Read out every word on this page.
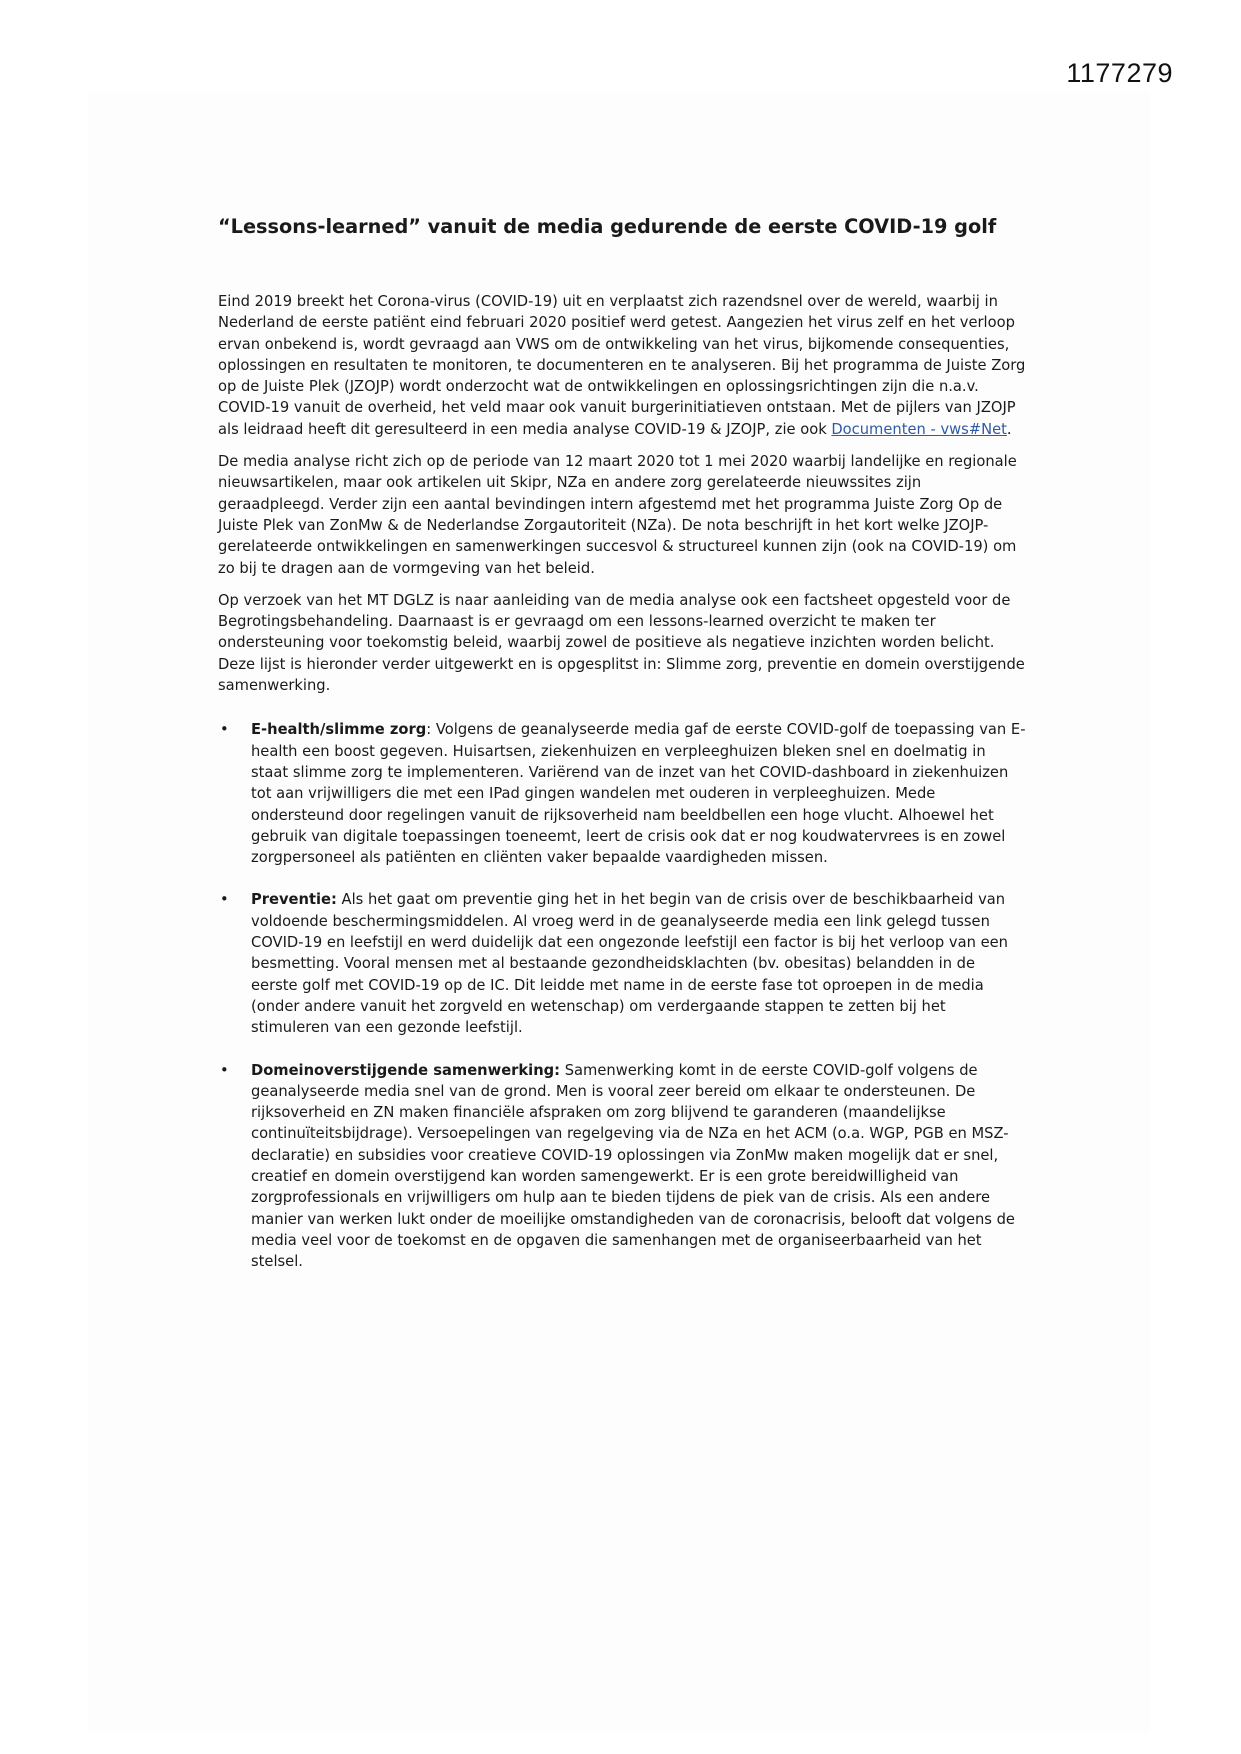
1177279
“Lessons-learned” vanuit de media gedurende de eerste COVID-19 golf

Eind 2019 breekt het Corona-virus (COVID-19) uit en verplaatst zich razendsnel over de wereld, waarbij in Nederland de eerste patiënt eind februari 2020 positief werd getest. Aangezien het virus zelf en het verloop ervan onbekend is, wordt gevraagd aan VWS om de ontwikkeling van het virus, bijkomende consequenties, oplossingen en resultaten te monitoren, te documenteren en te analyseren. Bij het programma de Juiste Zorg op de Juiste Plek (JZOJP) wordt onderzocht wat de ontwikkelingen en oplossingsrichtingen zijn die n.a.v. COVID-19 vanuit de overheid, het veld maar ook vanuit burgerinitiatieven ontstaan. Met de pijlers van JZOJP als leidraad heeft dit geresulteerd in een media analyse COVID-19 & JZOJP, zie ook Documenten - vws#Net.

De media analyse richt zich op de periode van 12 maart 2020 tot 1 mei 2020 waarbij landelijke en regionale nieuwsartikelen, maar ook artikelen uit Skipr, NZa en andere zorg gerelateerde nieuwssites zijn geraadpleegd. Verder zijn een aantal bevindingen intern afgestemd met het programma Juiste Zorg Op de Juiste Plek van ZonMw & de Nederlandse Zorgautoriteit (NZa). De nota beschrijft in het kort welke JZOJP-gerelateerde ontwikkelingen en samenwerkingen succesvol & structureel kunnen zijn (ook na COVID-19) om zo bij te dragen aan de vormgeving van het beleid.

Op verzoek van het MT DGLZ is naar aanleiding van de media analyse ook een factsheet opgesteld voor de Begrotingsbehandeling. Daarnaast is er gevraagd om een lessons-learned overzicht te maken ter ondersteuning voor toekomstig beleid, waarbij zowel de positieve als negatieve inzichten worden belicht. Deze lijst is hieronder verder uitgewerkt en is opgesplitst in: Slimme zorg, preventie en domein overstijgende samenwerking.

• E-health/slimme zorg: Volgens de geanalyseerde media gaf de eerste COVID-golf de toepassing van E-health een boost gegeven. Huisartsen, ziekenhuizen en verpleeghuizen bleken snel en doelmatig in staat slimme zorg te implementeren. Variërend van de inzet van het COVID-dashboard in ziekenhuizen tot aan vrijwilligers die met een IPad gingen wandelen met ouderen in verpleeghuizen. Mede ondersteund door regelingen vanuit de rijksoverheid nam beeldbellen een hoge vlucht. Alhoewel het gebruik van digitale toepassingen toeneemt, leert de crisis ook dat er nog koudwatervrees is en zowel zorgpersoneel als patiënten en cliënten vaker bepaalde vaardigheden missen.
• Preventie: Als het gaat om preventie ging het in het begin van de crisis over de beschikbaarheid van voldoende beschermingsmiddelen. Al vroeg werd in de geanalyseerde media een link gelegd tussen COVID-19 en leefstijl en werd duidelijk dat een ongezonde leefstijl een factor is bij het verloop van een besmetting. Vooral mensen met al bestaande gezondheidsklachten (bv. obesitas) belandden in de eerste golf met COVID-19 op de IC. Dit leidde met name in de eerste fase tot oproepen in de media (onder andere vanuit het zorgveld en wetenschap) om verdergaande stappen te zetten bij het stimuleren van een gezonde leefstijl.
• Domeinoverstijgende samenwerking: Samenwerking komt in de eerste COVID-golf volgens de geanalyseerde media snel van de grond. Men is vooral zeer bereid om elkaar te ondersteunen. De rijksoverheid en ZN maken financiële afspraken om zorg blijvend te garanderen (maandelijkse continuïteitsbijdrage). Versoepelingen van regelgeving via de NZa en het ACM (o.a. WGP, PGB en MSZ-declaratie) en subsidies voor creatieve COVID-19 oplossingen via ZonMw maken mogelijk dat er snel, creatief en domein overstijgend kan worden samengewerkt. Er is een grote bereidwilligheid van zorgprofessionals en vrijwilligers om hulp aan te bieden tijdens de piek van de crisis. Als een andere manier van werken lukt onder de moeilijke omstandigheden van de coronacrisis, belooft dat volgens de media veel voor de toekomst en de opgaven die samenhangen met de organiseerbaarheid van het stelsel.
